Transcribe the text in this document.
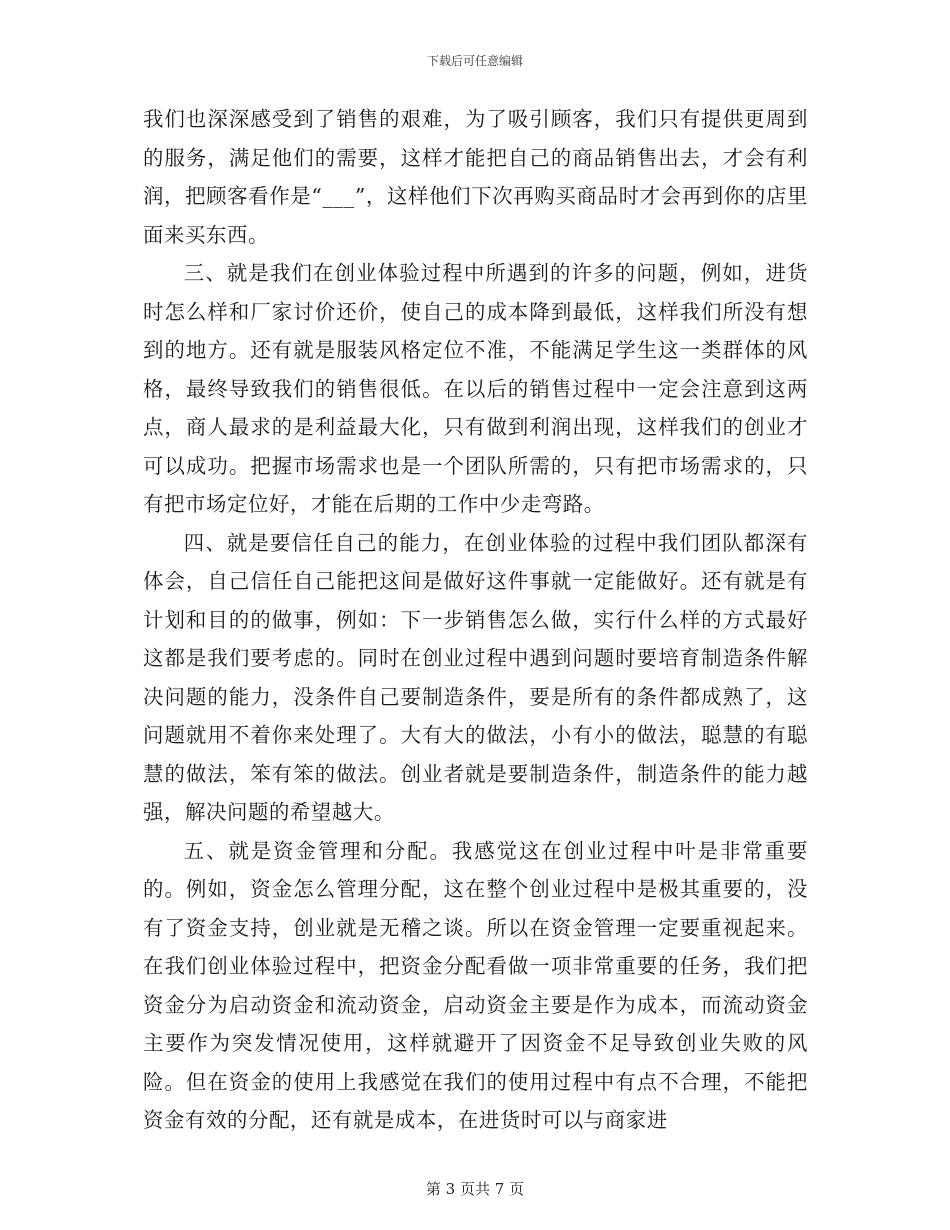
下载后可任意编辑

我们也深深感受到了销售的艰难，为了吸引顾客，我们只有提供更周到的服务，满足他们的需要，这样才能把自己的商品销售出去，才会有利润，把顾客看作是“___”，这样他们下次再购买商品时才会再到你的店里面来买东西。

三、就是我们在创业体验过程中所遇到的许多的问题，例如，进货时怎么样和厂家讨价还价，使自己的成本降到最低，这样我们所没有想到的地方。还有就是服装风格定位不准，不能满足学生这一类群体的风格，最终导致我们的销售很低。在以后的销售过程中一定会注意到这两点，商人最求的是利益最大化，只有做到利润出现，这样我们的创业才可以成功。把握市场需求也是一个团队所需的，只有把市场需求的，只有把市场定位好，才能在后期的工作中少走弯路。

四、就是要信任自己的能力，在创业体验的过程中我们团队都深有体会，自己信任自己能把这间是做好这件事就一定能做好。还有就是有计划和目的的做事，例如：下一步销售怎么做，实行什么样的方式最好这都是我们要考虑的。同时在创业过程中遇到问题时要培育制造条件解决问题的能力，没条件自己要制造条件，要是所有的条件都成熟了，这问题就用不着你来处理了。大有大的做法，小有小的做法，聪慧的有聪慧的做法，笨有笨的做法。创业者就是要制造条件，制造条件的能力越强，解决问题的希望越大。

五、就是资金管理和分配。我感觉这在创业过程中叶是非常重要的。例如，资金怎么管理分配，这在整个创业过程中是极其重要的，没有了资金支持，创业就是无稽之谈。所以在资金管理一定要重视起来。在我们创业体验过程中，把资金分配看做一项非常重要的任务，我们把资金分为启动资金和流动资金，启动资金主要是作为成本，而流动资金主要作为突发情况使用，这样就避开了因资金不足导致创业失败的风险。但在资金的使用上我感觉在我们的使用过程中有点不合理，不能把资金有效的分配，还有就是成本，在进货时可以与商家进

第 3 页共 7 页
